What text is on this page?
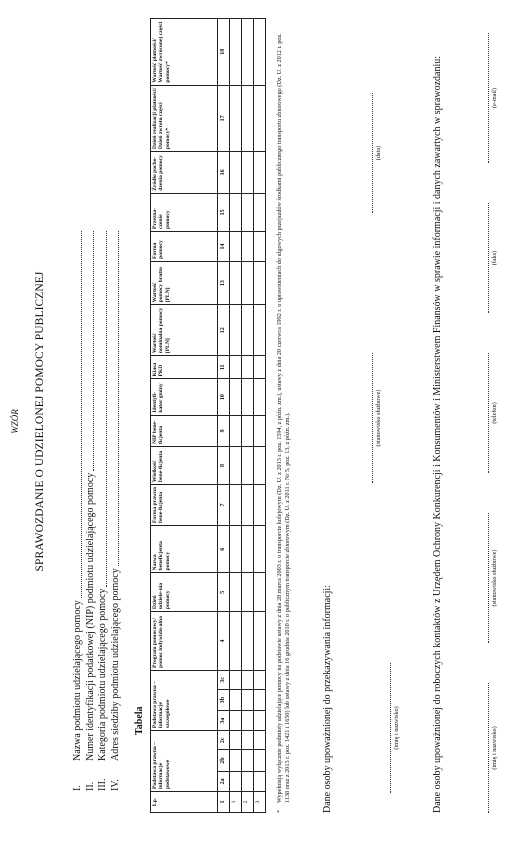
WZÓR SPRAWOZDANIE O UDZIELONEJ POMOCY PUBLICZNEJ
I.
Nazwa podmiotu udzielającego pomocy
II.
Numer identyfikacji podatkowej (NIP) podmiotu udzielającego pomocy
III.
Kategoria podmiotu udzielającego pomocy
IV.
Adres siedziby podmiotu udzielającego pomocy Tabela
Lp.	Podstawa prawna – informacje podstawowe			Podstawa prawna – informacje szczegółowe			Program pomocowy/ pomoc indywidu-alna	Dzień udziele-nia pomocy	Nazwa beneficjenta pomocy	Forma prawna bene-ficjenta	Wielkość bene-ficjenta	NIP bene-ficjenta	Identyfi-kator gminy	Klasa PKD	Wartość nominalna pomocy [PLN]	Wartość pomocy brutto [PLN]	Forma pomocy	Przezna-czenie pomocy	Źródło pocho-dzenia pomocy	Dzień realizacji płatności/ Dzień zwrotu części pomocy*	Wartość płatności/ Wartość zwróconej części pomocy*

1	2a	2b	2c	3a	3b	3c	4	5	6	7	8	9	10	11	12	13	14	15	16	17	18
1																					
2																					
3																					
*
Wypełniają wyłącznie podmioty udzielające pomocy na podstawie ustawy z dnia 28 marca 2003 r. o transporcie kolejowym (Dz. U. z 2013 r. poz. 1594, z późn. zm.), ustawy z dnia 20 czerwca 1992 r. o uprawnieniach do ulgowych przejazdów środkami publicznego transportu zbiorowego (Dz. U. z 2012 r. poz. 1138 oraz z 2013 r. poz. 1421 i 1650) lub ustawy z dnia 16 grudnia 2010 r. o publicznym transporcie zbiorowym (Dz. U. z 2011 r. Nr 5, poz. 13, z późn. zm.).	Dane osoby upoważnionej do przekazywania informacji:	(imię i nazwisko)
(stanowisko służbowe)
(data)	Dane osoby upoważnionej do roboczych kontaktów z Urzędem Ochrony Konkurencji i Konsumentów i Ministerstwem Finansów w sprawie informacji i danych zawartych w sprawozdaniu:	(imię i nazwisko)
(stanowisko służbowe)
(telefon)
(faks)
(e-mail)
